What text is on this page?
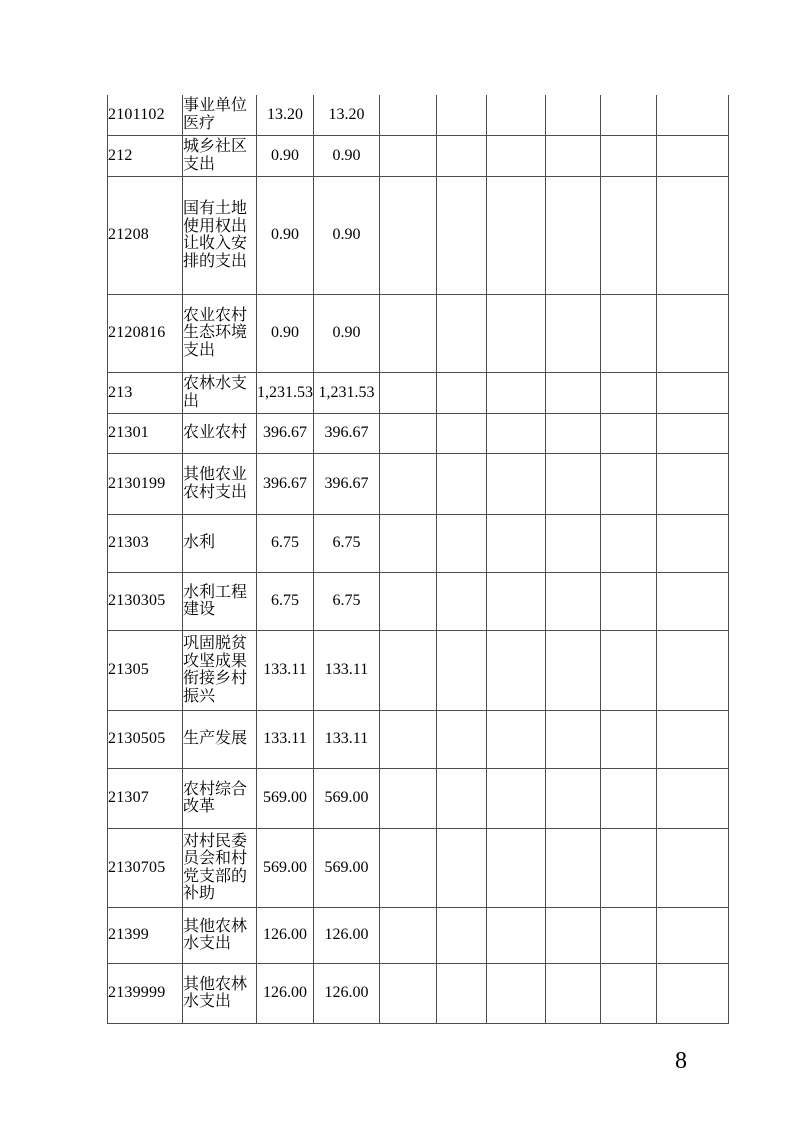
2101102	事业单位医疗	13.20	13.20						
212	城乡社区支出	0.90	0.90						
21208	国有土地使用权出让收入安排的支出	0.90	0.90						
2120816	农业农村生态环境支出	0.90	0.90						
213	农林水支出	1,231.53	1,231.53						
21301	农业农村	396.67	396.67						
2130199	其他农业农村支出	396.67	396.67						
21303	水利	6.75	6.75						
2130305	水利工程建设	6.75	6.75						
21305	巩固脱贫攻坚成果衔接乡村振兴	133.11	133.11						
2130505	生产发展	133.11	133.11						
21307	农村综合改革	569.00	569.00						
2130705	对村民委员会和村党支部的补助	569.00	569.00						
21399	其他农林水支出	126.00	126.00						
2139999	其他农林水支出	126.00	126.00						
8
